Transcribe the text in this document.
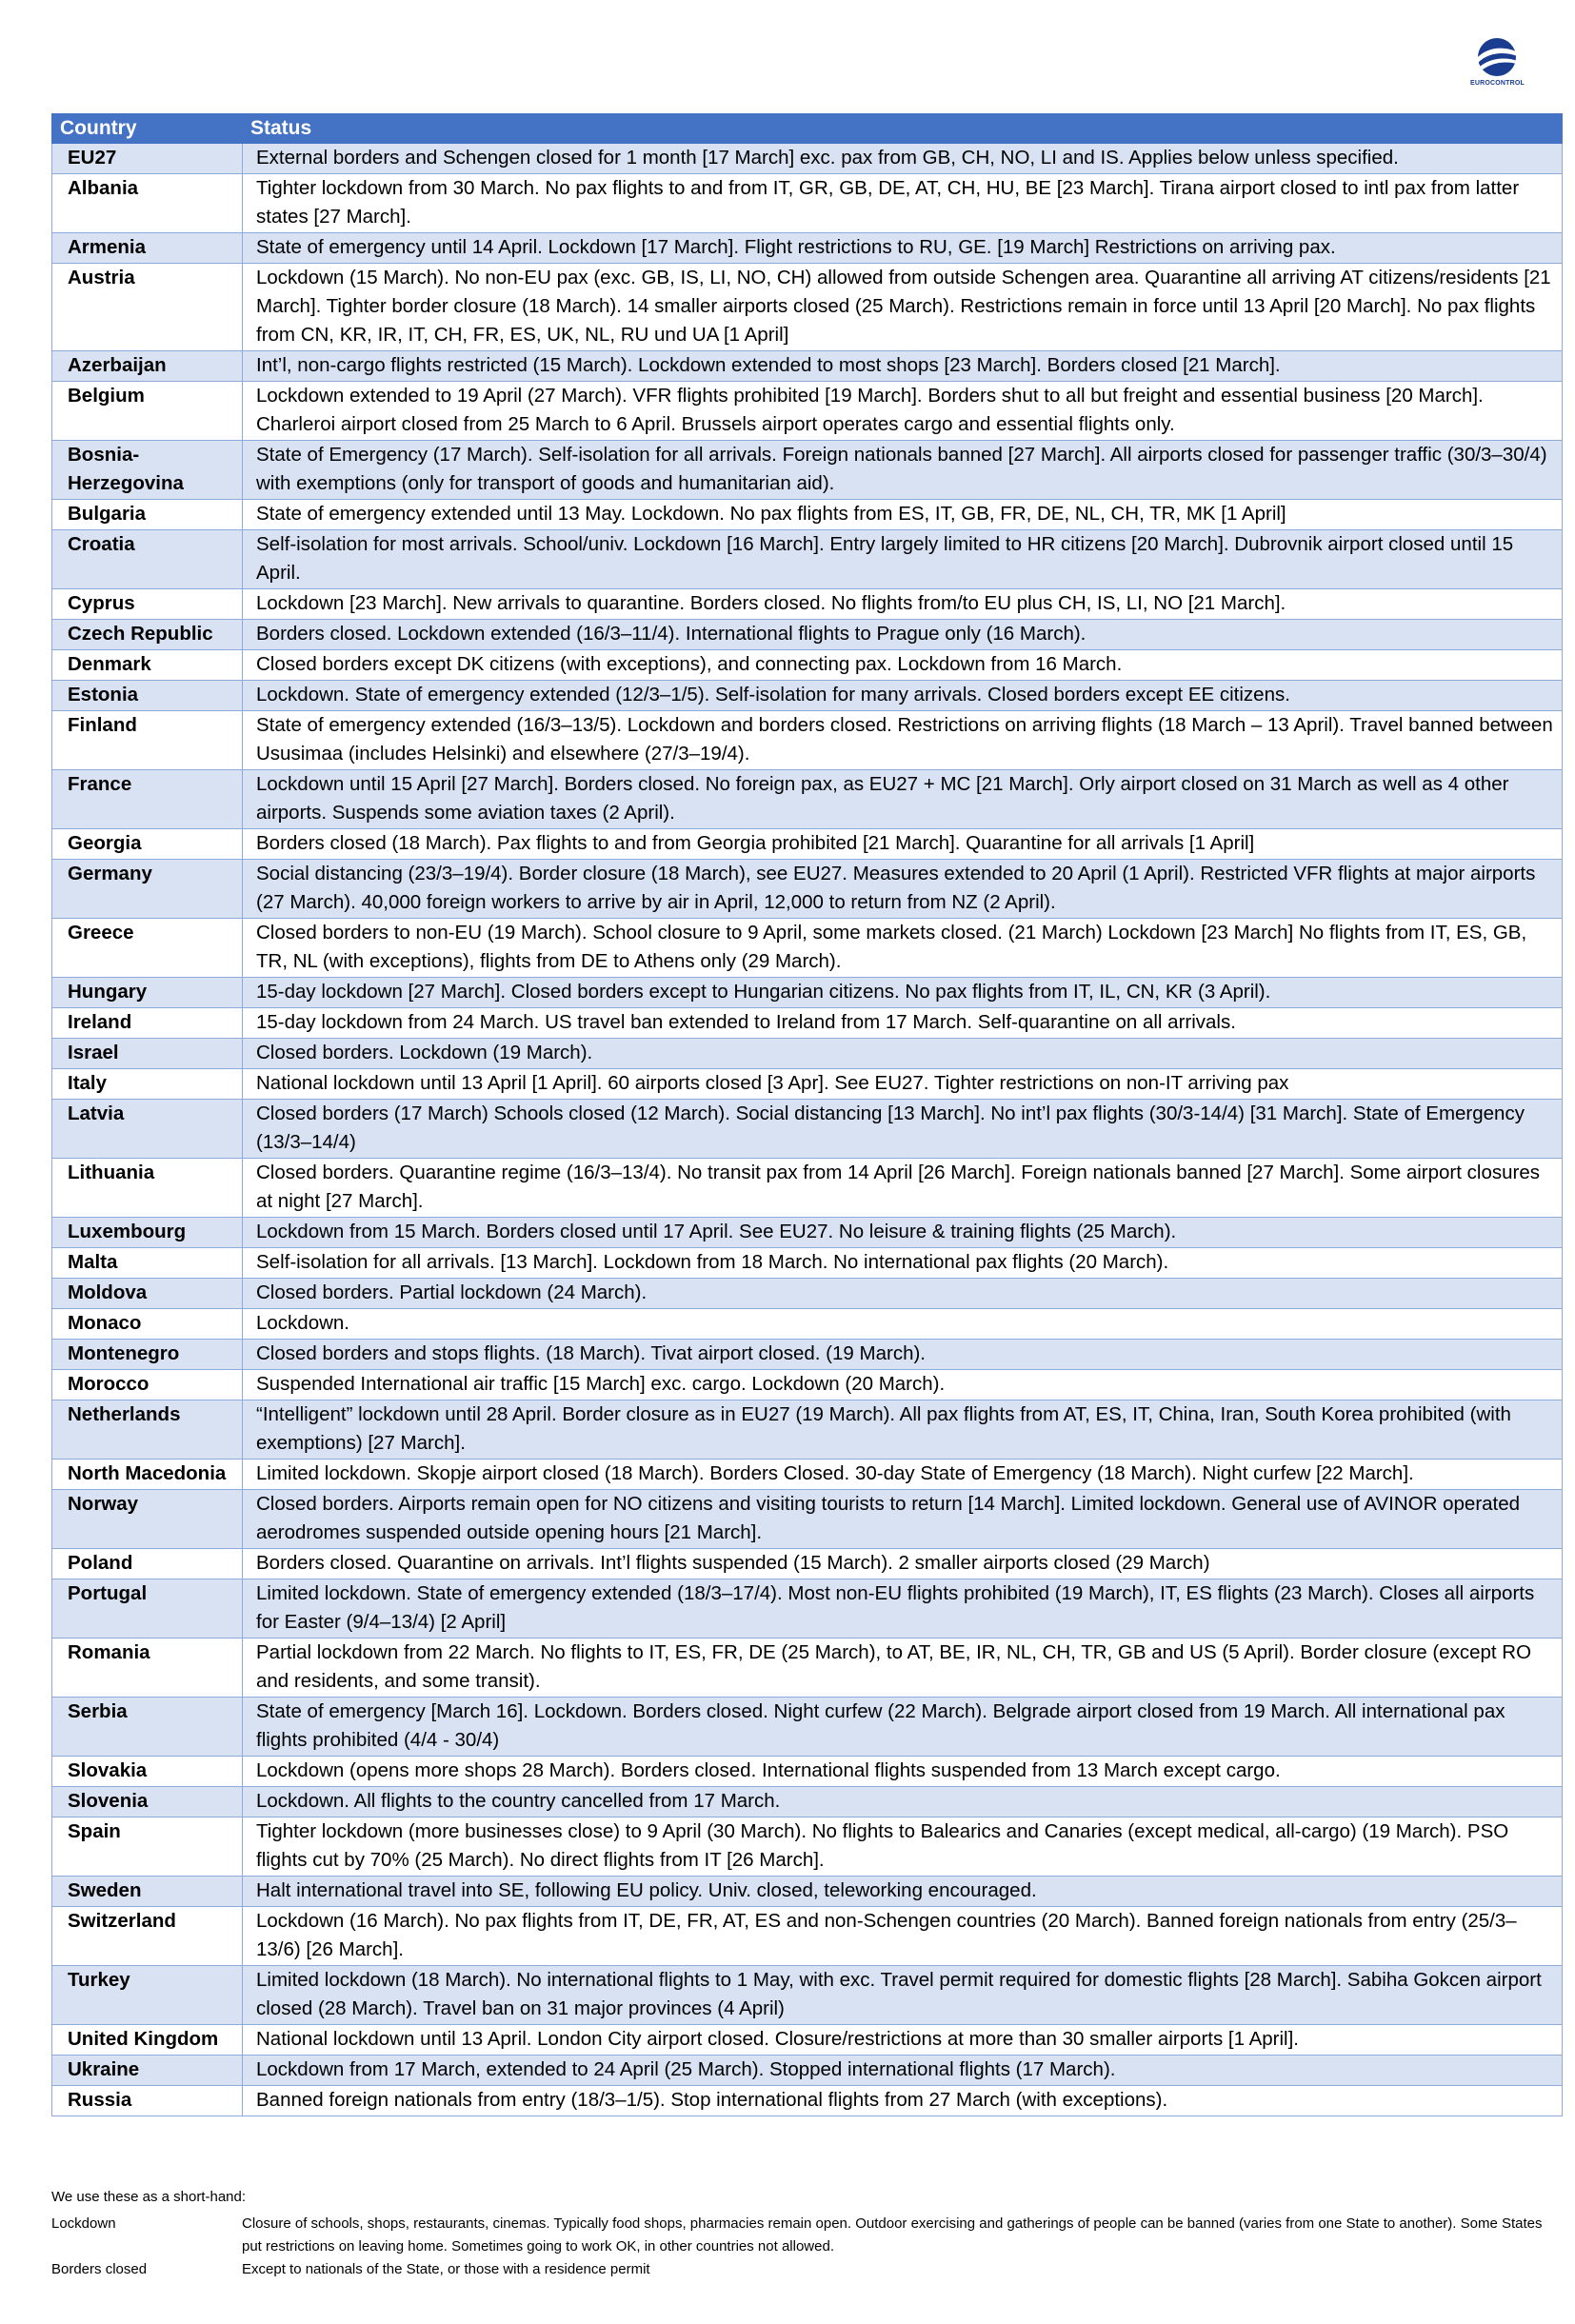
EUROCONTROL
Country	Status
EU27	External borders and Schengen closed for 1 month [17 March] exc. pax from GB, CH, NO, LI and IS. Applies below unless specified.
Albania	Tighter lockdown from 30 March. No pax flights to and from IT, GR, GB, DE, AT, CH, HU, BE [23 March]. Tirana airport closed to intl pax from latter states [27 March].
Armenia	State of emergency until 14 April. Lockdown [17 March]. Flight restrictions to RU, GE. [19 March] Restrictions on arriving pax.
Austria	Lockdown (15 March). No non-EU pax (exc. GB, IS, LI, NO, CH) allowed from outside Schengen area. Quarantine all arriving AT citizens/residents [21 March]. Tighter border closure (18 March). 14 smaller airports closed (25 March). Restrictions remain in force until 13 April [20 March]. No pax flights from CN, KR, IR, IT, CH, FR, ES, UK, NL, RU und UA [1 April]
Azerbaijan	Int’l, non-cargo flights restricted (15 March). Lockdown extended to most shops [23 March]. Borders closed [21 March].
Belgium	Lockdown extended to 19 April (27 March). VFR flights prohibited [19 March]. Borders shut to all but freight and essential business [20 March]. Charleroi airport closed from 25 March to 6 April. Brussels airport operates cargo and essential flights only.
Bosnia-Herzegovina	State of Emergency (17 March). Self-isolation for all arrivals. Foreign nationals banned [27 March]. All airports closed for passenger traffic (30/3–30/4) with exemptions (only for transport of goods and humanitarian aid).
Bulgaria	State of emergency extended until 13 May. Lockdown. No pax flights from ES, IT, GB, FR, DE, NL, CH, TR, MK [1 April]
Croatia	Self-isolation for most arrivals. School/univ. Lockdown [16 March]. Entry largely limited to HR citizens [20 March]. Dubrovnik airport closed until 15 April.
Cyprus	Lockdown [23 March]. New arrivals to quarantine. Borders closed. No flights from/to EU plus CH, IS, LI, NO [21 March].
Czech Republic	Borders closed. Lockdown extended (16/3–11/4). International flights to Prague only (16 March).
Denmark	Closed borders except DK citizens (with exceptions), and connecting pax. Lockdown from 16 March.
Estonia	Lockdown. State of emergency extended (12/3–1/5). Self-isolation for many arrivals. Closed borders except EE citizens.
Finland	State of emergency extended (16/3–13/5). Lockdown and borders closed. Restrictions on arriving flights (18 March – 13 April). Travel banned between Ususimaa (includes Helsinki) and elsewhere (27/3–19/4).
France	Lockdown until 15 April [27 March]. Borders closed. No foreign pax, as EU27 + MC [21 March]. Orly airport closed on 31 March as well as 4 other airports. Suspends some aviation taxes (2 April).
Georgia	Borders closed (18 March). Pax flights to and from Georgia prohibited [21 March]. Quarantine for all arrivals [1 April]
Germany	Social distancing (23/3–19/4). Border closure (18 March), see EU27. Measures extended to 20 April (1 April). Restricted VFR flights at major airports (27 March). 40,000 foreign workers to arrive by air in April, 12,000 to return from NZ (2 April).
Greece	Closed borders to non-EU (19 March). School closure to 9 April, some markets closed. (21 March) Lockdown [23 March] No flights from IT, ES, GB, TR, NL (with exceptions), flights from DE to Athens only (29 March).
Hungary	15-day lockdown [27 March]. Closed borders except to Hungarian citizens. No pax flights from IT, IL, CN, KR (3 April).
Ireland	15-day lockdown from 24 March. US travel ban extended to Ireland from 17 March. Self-quarantine on all arrivals.
Israel	Closed borders. Lockdown (19 March).
Italy	National lockdown until 13 April [1 April]. 60 airports closed [3 Apr]. See EU27. Tighter restrictions on non-IT arriving pax
Latvia	Closed borders (17 March) Schools closed (12 March). Social distancing [13 March]. No int’l pax flights (30/3-14/4) [31 March]. State of Emergency (13/3–14/4)
Lithuania	Closed borders. Quarantine regime (16/3–13/4). No transit pax from 14 April [26 March]. Foreign nationals banned [27 March]. Some airport closures at night [27 March].
Luxembourg	Lockdown from 15 March. Borders closed until 17 April. See EU27. No leisure & training flights (25 March).
Malta	Self-isolation for all arrivals. [13 March]. Lockdown from 18 March. No international pax flights (20 March).
Moldova	Closed borders. Partial lockdown (24 March).
Monaco	Lockdown.
Montenegro	Closed borders and stops flights. (18 March). Tivat airport closed. (19 March).
Morocco	Suspended International air traffic [15 March] exc. cargo. Lockdown (20 March).
Netherlands	“Intelligent” lockdown until 28 April. Border closure as in EU27 (19 March). All pax flights from AT, ES, IT, China, Iran, South Korea prohibited (with exemptions) [27 March].
North Macedonia	Limited lockdown. Skopje airport closed (18 March). Borders Closed. 30-day State of Emergency (18 March). Night curfew [22 March].
Norway	Closed borders. Airports remain open for NO citizens and visiting tourists to return [14 March]. Limited lockdown. General use of AVINOR operated aerodromes suspended outside opening hours [21 March].
Poland	Borders closed. Quarantine on arrivals. Int’l flights suspended (15 March). 2 smaller airports closed (29 March)
Portugal	Limited lockdown. State of emergency extended (18/3–17/4). Most non-EU flights prohibited (19 March), IT, ES flights (23 March). Closes all airports for Easter (9/4–13/4) [2 April]
Romania	Partial lockdown from 22 March. No flights to IT, ES, FR, DE (25 March), to AT, BE, IR, NL, CH, TR, GB and US (5 April). Border closure (except RO and residents, and some transit).
Serbia	State of emergency [March 16]. Lockdown. Borders closed. Night curfew (22 March). Belgrade airport closed from 19 March. All international pax flights prohibited (4/4 - 30/4)
Slovakia	Lockdown (opens more shops 28 March). Borders closed. International flights suspended from 13 March except cargo.
Slovenia	Lockdown. All flights to the country cancelled from 17 March.
Spain	Tighter lockdown (more businesses close) to 9 April (30 March). No flights to Balearics and Canaries (except medical, all-cargo) (19 March). PSO flights cut by 70% (25 March). No direct flights from IT [26 March].
Sweden	Halt international travel into SE, following EU policy. Univ. closed, teleworking encouraged.
Switzerland	Lockdown (16 March). No pax flights from IT, DE, FR, AT, ES and non-Schengen countries (20 March). Banned foreign nationals from entry (25/3–13/6) [26 March].
Turkey	Limited lockdown (18 March). No international flights to 1 May, with exc. Travel permit required for domestic flights [28 March]. Sabiha Gokcen airport closed (28 March). Travel ban on 31 major provinces (4 April)
United Kingdom	National lockdown until 13 April. London City airport closed. Closure/restrictions at more than 30 smaller airports [1 April].
Ukraine	Lockdown from 17 March, extended to 24 April (25 March). Stopped international flights (17 March).
Russia	Banned foreign nationals from entry (18/3–1/5). Stop international flights from 27 March (with exceptions).
We use these as a short-hand:
Lockdown	Closure of schools, shops, restaurants, cinemas. Typically food shops, pharmacies remain open. Outdoor exercising and gatherings of people can be banned (varies from one State to another). Some States put restrictions on leaving home. Sometimes going to work OK, in other countries not allowed.
Borders closed	Except to nationals of the State, or those with a residence permit
